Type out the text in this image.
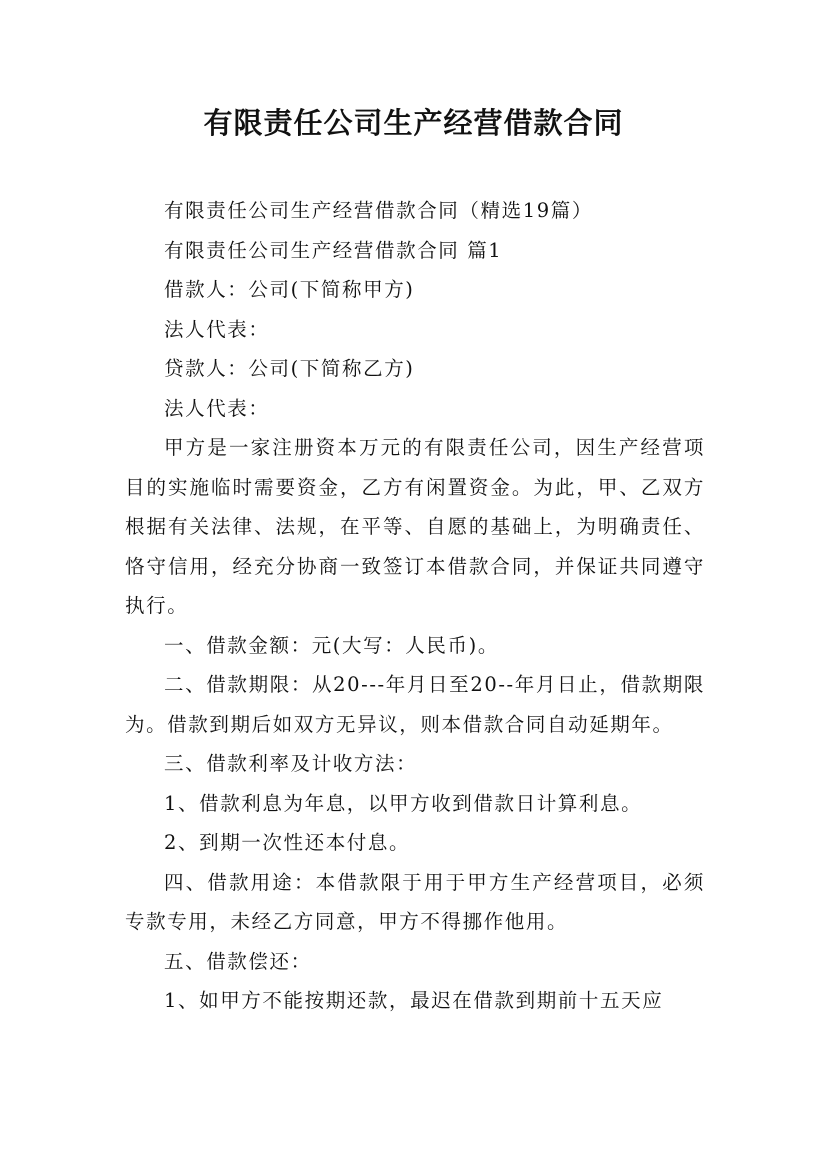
有限责任公司生产经营借款合同

有限责任公司生产经营借款合同（精选19篇）

有限责任公司生产经营借款合同 篇1

借款人：公司(下简称甲方)

法人代表：

贷款人：公司(下简称乙方)

法人代表：

甲方是一家注册资本万元的有限责任公司，因生产经营项目的实施临时需要资金，乙方有闲置资金。为此，甲、乙双方根据有关法律、法规，在平等、自愿的基础上，为明确责任、恪守信用，经充分协商一致签订本借款合同，并保证共同遵守执行。

一、借款金额：元(大写：人民币)。

二、借款期限：从20---年月日至20--年月日止，借款期限为。借款到期后如双方无异议，则本借款合同自动延期年。

三、借款利率及计收方法：

1、借款利息为年息，以甲方收到借款日计算利息。

2、到期一次性还本付息。

四、借款用途：本借款限于用于甲方生产经营项目，必须专款专用，未经乙方同意，甲方不得挪作他用。

五、借款偿还：

1、如甲方不能按期还款，最迟在借款到期前十五天应
